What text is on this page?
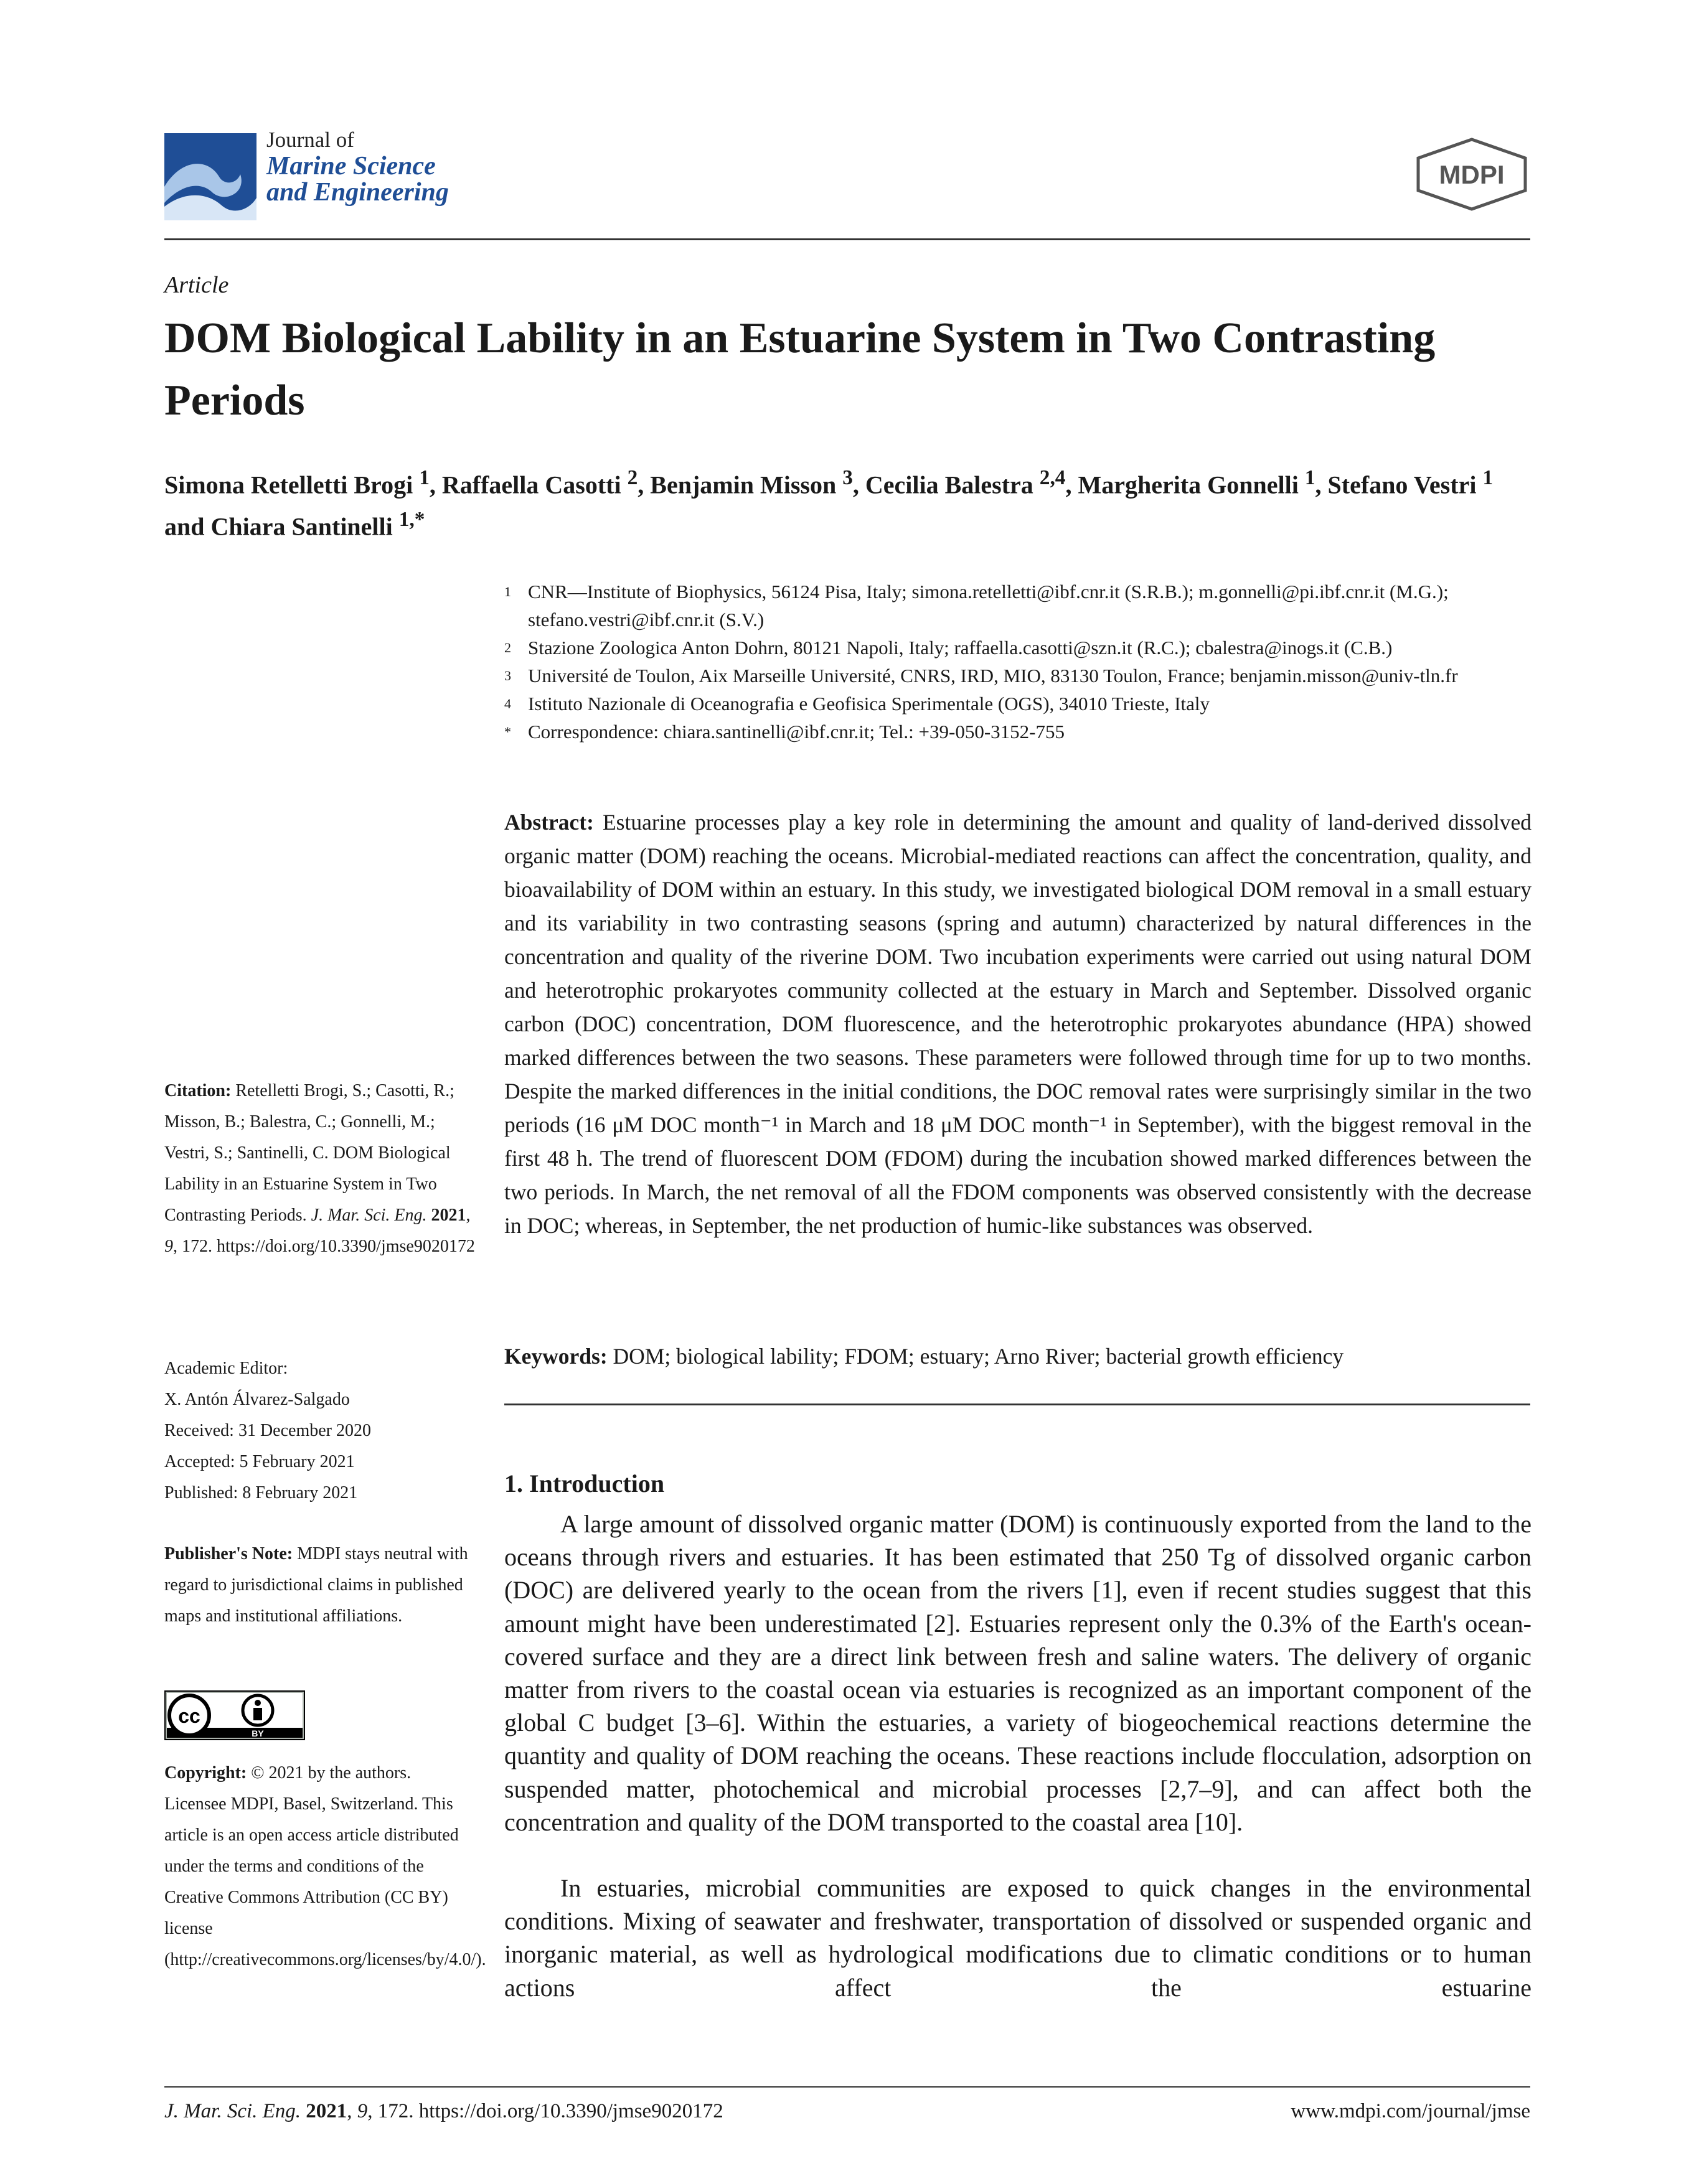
Journal of
Marine Science
and Engineering
MDPI
Article
DOM Biological Lability in an Estuarine System in Two Contrasting Periods

Simona Retelletti Brogi $^1$, Raffaella Casotti $^2$, Benjamin Misson $^3$, Cecilia Balestra $^{2,4}$, Margherita Gonnelli $^1$, Stefano Vestri $^1$ and Chiara Santinelli $^{1,*}$

1 CNR—Institute of Biophysics, 56124 Pisa, Italy; simona.retelletti@ibf.cnr.it (S.R.B.); m.gonnelli@pi.ibf.cnr.it (M.G.); stefano.vestri@ibf.cnr.it (S.V.)
2 Stazione Zoologica Anton Dohrn, 80121 Napoli, Italy; raffaella.casotti@szn.it (R.C.); cbalestra@inogs.it (C.B.)
3 Université de Toulon, Aix Marseille Université, CNRS, IRD, MIO, 83130 Toulon, France; benjamin.misson@univ-tln.fr
4 Istituto Nazionale di Oceanografia e Geofisica Sperimentale (OGS), 34010 Trieste, Italy
* Correspondence: chiara.santinelli@ibf.cnr.it; Tel.: +39-050-3152-755

Abstract: Estuarine processes play a key role in determining the amount and quality of land-derived dissolved organic matter (DOM) reaching the oceans. Microbial-mediated reactions can affect the concentration, quality, and bioavailability of DOM within an estuary. In this study, we investigated biological DOM removal in a small estuary and its variability in two contrasting seasons (spring and autumn) characterized by natural differences in the concentration and quality of the riverine DOM. Two incubation experiments were carried out using natural DOM and heterotrophic prokaryotes community collected at the estuary in March and September. Dissolved organic carbon (DOC) concentration, DOM fluorescence, and the heterotrophic prokaryotes abundance (HPA) showed marked differences between the two seasons. These parameters were followed through time for up to two months. Despite the marked differences in the initial conditions, the DOC removal rates were surprisingly similar in the two periods (16 μM DOC month⁻¹ in March and 18 μM DOC month⁻¹ in September), with the biggest removal in the first 48 h. The trend of fluorescent DOM (FDOM) during the incubation showed marked differences between the two periods. In March, the net removal of all the FDOM components was observed consistently with the decrease in DOC; whereas, in September, the net production of humic-like substances was observed.

Keywords: DOM; biological lability; FDOM; estuary; Arno River; bacterial growth efficiency

Citation: Retelletti Brogi, S.; Casotti, R.; Misson, B.; Balestra, C.; Gonnelli, M.; Vestri, S.; Santinelli, C. DOM Biological Lability in an Estuarine System in Two Contrasting Periods. J. Mar. Sci. Eng. 2021, 9, 172. https://doi.org/10.3390/jmse9020172
Academic Editor:
X. Antón Álvarez-Salgado
Received: 31 December 2020
Accepted: 5 February 2021
Published: 8 February 2021
Publisher's Note: MDPI stays neutral with regard to jurisdictional claims in published maps and institutional affiliations.
cc
BY
Copyright: © 2021 by the authors. Licensee MDPI, Basel, Switzerland. This article is an open access article distributed under the terms and conditions of the Creative Commons Attribution (CC BY) license (http://creativecommons.org/licenses/by/4.0/).
1. Introduction

A large amount of dissolved organic matter (DOM) is continuously exported from the land to the oceans through rivers and estuaries. It has been estimated that 250 Tg of dissolved organic carbon (DOC) are delivered yearly to the ocean from the rivers [1], even if recent studies suggest that this amount might have been underestimated [2]. Estuaries represent only the 0.3% of the Earth's ocean-covered surface and they are a direct link between fresh and saline waters. The delivery of organic matter from rivers to the coastal ocean via estuaries is recognized as an important component of the global C budget [3–6]. Within the estuaries, a variety of biogeochemical reactions determine the quantity and quality of DOM reaching the oceans. These reactions include flocculation, adsorption on suspended matter, photochemical and microbial processes [2,7–9], and can affect both the concentration and quality of the DOM transported to the coastal area [10].

In estuaries, microbial communities are exposed to quick changes in the environmental conditions. Mixing of seawater and freshwater, transportation of dissolved or suspended organic and inorganic material, as well as hydrological modifications due to climatic conditions or to human actions affect the estuarine

J. Mar. Sci. Eng. 2021, 9, 172. https://doi.org/10.3390/jmse9020172	www.mdpi.com/journal/jmse
